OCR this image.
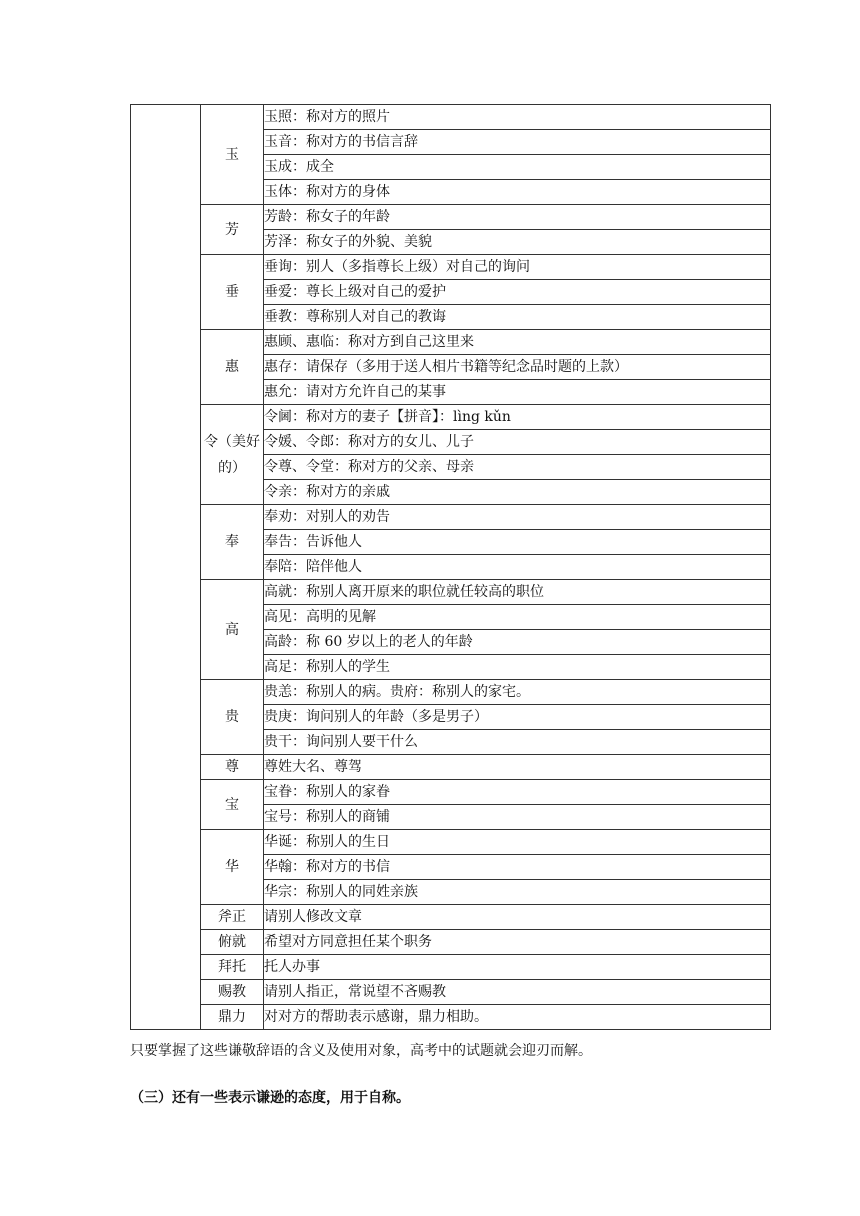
	玉	玉照：称对方的照片
		玉音：称对方的书信言辞
		玉成：成全
		玉体：称对方的身体
	芳	芳龄：称女子的年龄
		芳泽：称女子的外貌、美貌
	垂	垂询：别人（多指尊长上级）对自己的询问
		垂爱：尊长上级对自己的爱护
		垂教：尊称别人对自己的教诲
	惠	惠顾、惠临：称对方到自己这里来
		惠存：请保存（多用于送人相片书籍等纪念品时题的上款）
		惠允：请对方允许自己的某事
	令（美好的）	令阃：称对方的妻子【拼音】：lìng kǔn
		令媛、令郎：称对方的女儿、儿子
		令尊、令堂：称对方的父亲、母亲
		令亲：称对方的亲戚
	奉	奉劝：对别人的劝告
		奉告：告诉他人
		奉陪：陪伴他人
	高	高就：称别人离开原来的职位就任较高的职位
		高见：高明的见解
		高龄：称 60 岁以上的老人的年龄
		高足：称别人的学生
	贵	贵恙：称别人的病。贵府：称别人的家宅。
		贵庚：询问别人的年龄（多是男子）
		贵干：询问别人要干什么
	尊	尊姓大名、尊驾
	宝	宝眷：称别人的家眷
		宝号：称别人的商铺
	华	华诞：称别人的生日
		华翰：称对方的书信
		华宗：称别人的同姓亲族
	斧正	请别人修改文章
	俯就	希望对方同意担任某个职务
	拜托	托人办事
	赐教	请别人指正，常说望不吝赐教
	鼎力	对对方的帮助表示感谢，鼎力相助。
只要掌握了这些谦敬辞语的含义及使用对象，高考中的试题就会迎刃而解。
（三）还有一些表示谦逊的态度，用于自称。
